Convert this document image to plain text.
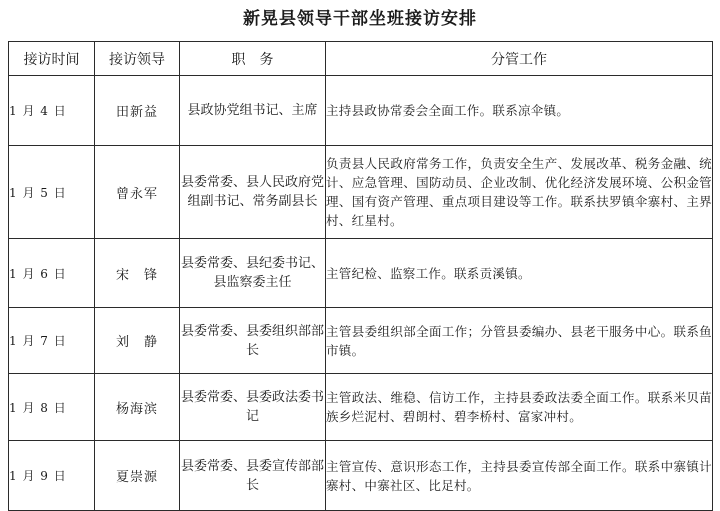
新晃县领导干部坐班接访安排
接访时间	接访领导	职　务	分管工作
1 月 4 日	田新益	县政协党组书记、主席	主持县政协常委会全面工作。联系凉伞镇。
1 月 5 日	曾永军	县委常委、县人民政府党组副书记、常务副县长	负责县人民政府常务工作，负责安全生产、发展改革、税务金融、统计、应急管理、国防动员、企业改制、优化经济发展环境、公积金管理、国有资产管理、重点项目建设等工作。联系扶罗镇伞寨村、主界村、红星村。
1 月 6 日	宋　锋	县委常委、县纪委书记、县监察委主任	主管纪检、监察工作。联系贡溪镇。
1 月 7 日	刘　静	县委常委、县委组织部部长	主管县委组织部全面工作；分管县委编办、县老干服务中心。联系鱼市镇。
1 月 8 日	杨海滨	县委常委、县委政法委书记	主管政法、维稳、信访工作，主持县委政法委全面工作。联系米贝苗族乡烂泥村、碧朗村、碧李桥村、富家冲村。
1 月 9 日	夏崇源	县委常委、县委宣传部部长	主管宣传、意识形态工作，主持县委宣传部全面工作。联系中寨镇计寨村、中寨社区、比足村。
